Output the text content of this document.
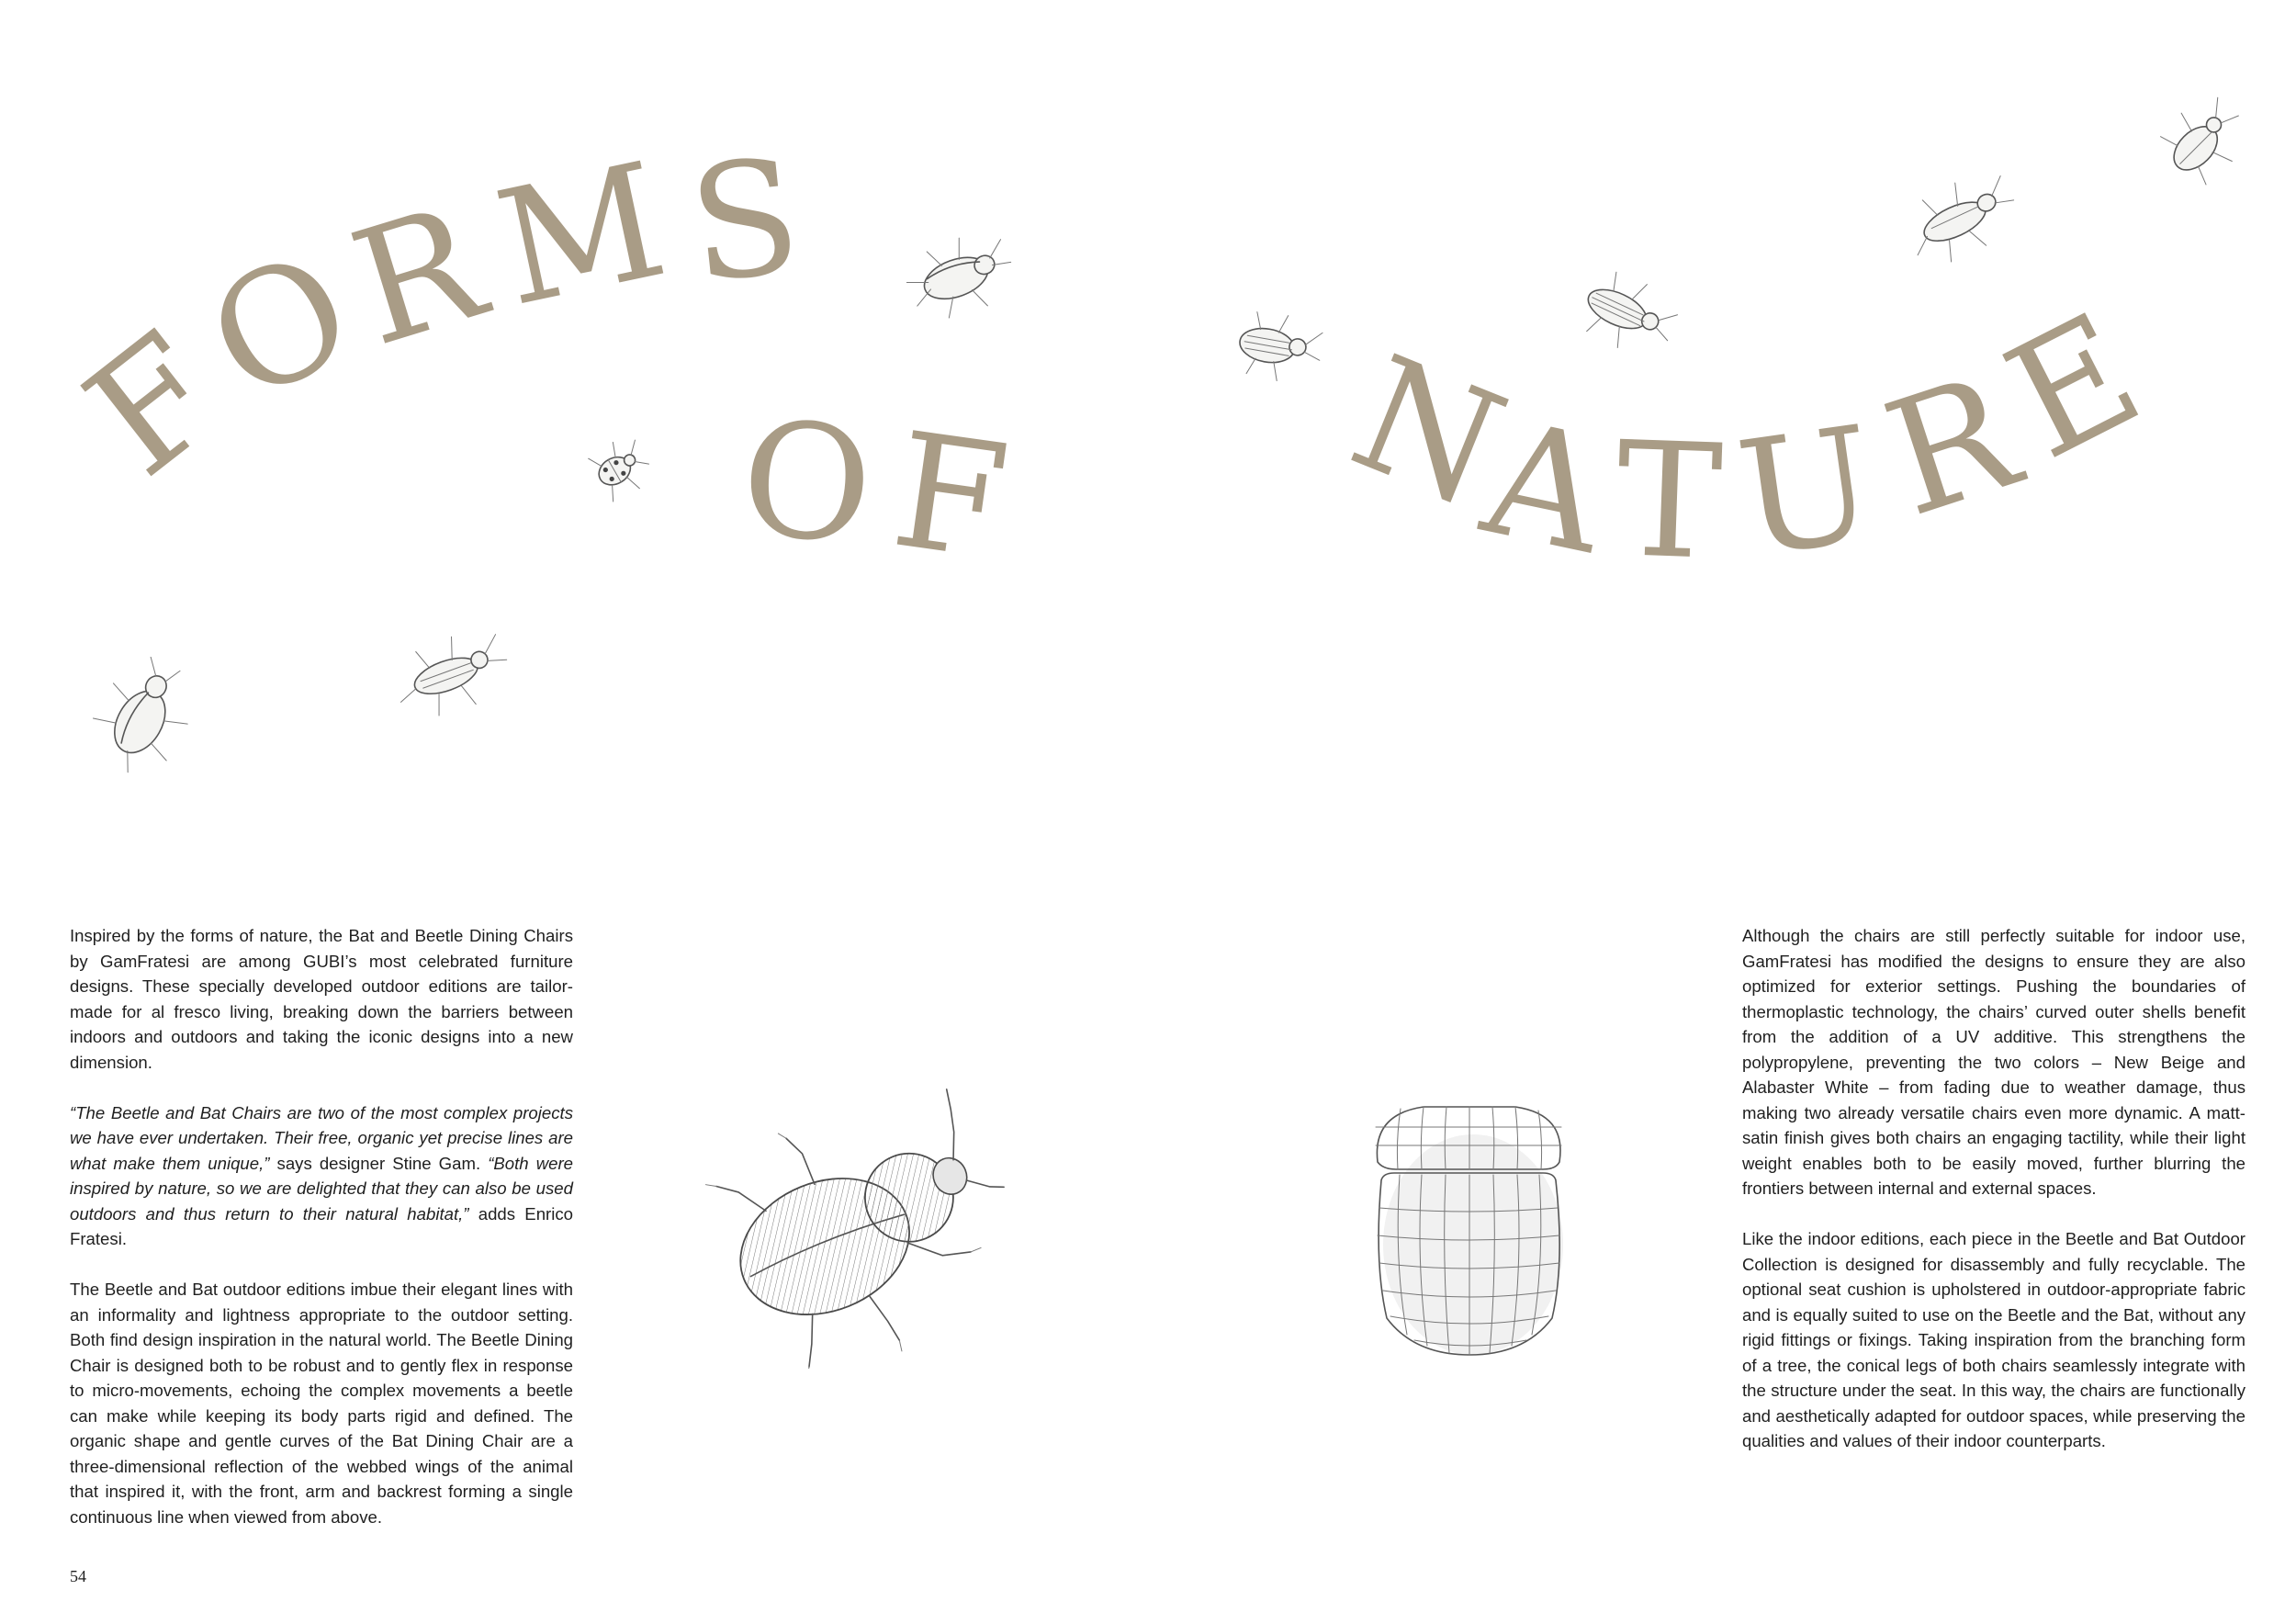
F
O
R
M S
O F N
A
T U
R
E

Inspired by the forms of nature, the Bat and Beetle Dining Chairs by GamFratesi are among GUBI’s most celebrated furniture designs. These specially developed outdoor editions are tailor-made for al fresco living, breaking down the barriers between indoors and outdoors and taking the iconic designs into a new dimension.

“The Beetle and Bat Chairs are two of the most complex projects we have ever undertaken. Their free, organic yet precise lines are what make them unique,” says designer Stine Gam. “Both were inspired by nature, so we are delighted that they can also be used outdoors and thus return to their natural habitat,” adds Enrico Fratesi.

The Beetle and Bat outdoor editions imbue their elegant lines with an informality and lightness appropriate to the outdoor setting. Both find design inspiration in the natural world. The Beetle Dining Chair is designed both to be robust and to gently flex in response to micro-movements, echoing the complex movements a beetle can make while keeping its body parts rigid and defined. The organic shape and gentle curves of the Bat Dining Chair are a three-dimensional reflection of the webbed wings of the animal that inspired it, with the front, arm and backrest forming a single continuous line when viewed from above.

Although the chairs are still perfectly suitable for indoor use, GamFratesi has modified the designs to ensure they are also optimized for exterior settings. Pushing the boundaries of thermoplastic technology, the chairs’ curved outer shells benefit from the addition of a UV additive. This strengthens the polypropylene, preventing the two colors – New Beige and Alabaster White – from fading due to weather damage, thus making two already versatile chairs even more dynamic. A matt-satin finish gives both chairs an engaging tactility, while their light weight enables both to be easily moved, further blurring the frontiers between internal and external spaces.

Like the indoor editions, each piece in the Beetle and Bat Outdoor Collection is designed for disassembly and fully recyclable. The optional seat cushion is upholstered in outdoor-appropriate fabric and is equally suited to use on the Beetle and the Bat, without any rigid fittings or fixings. Taking inspiration from the branching form of a tree, the conical legs of both chairs seamlessly integrate with the structure under the seat. In this way, the chairs are functionally and aesthetically adapted for outdoor spaces, while preserving the qualities and values of their indoor counterparts.

54
